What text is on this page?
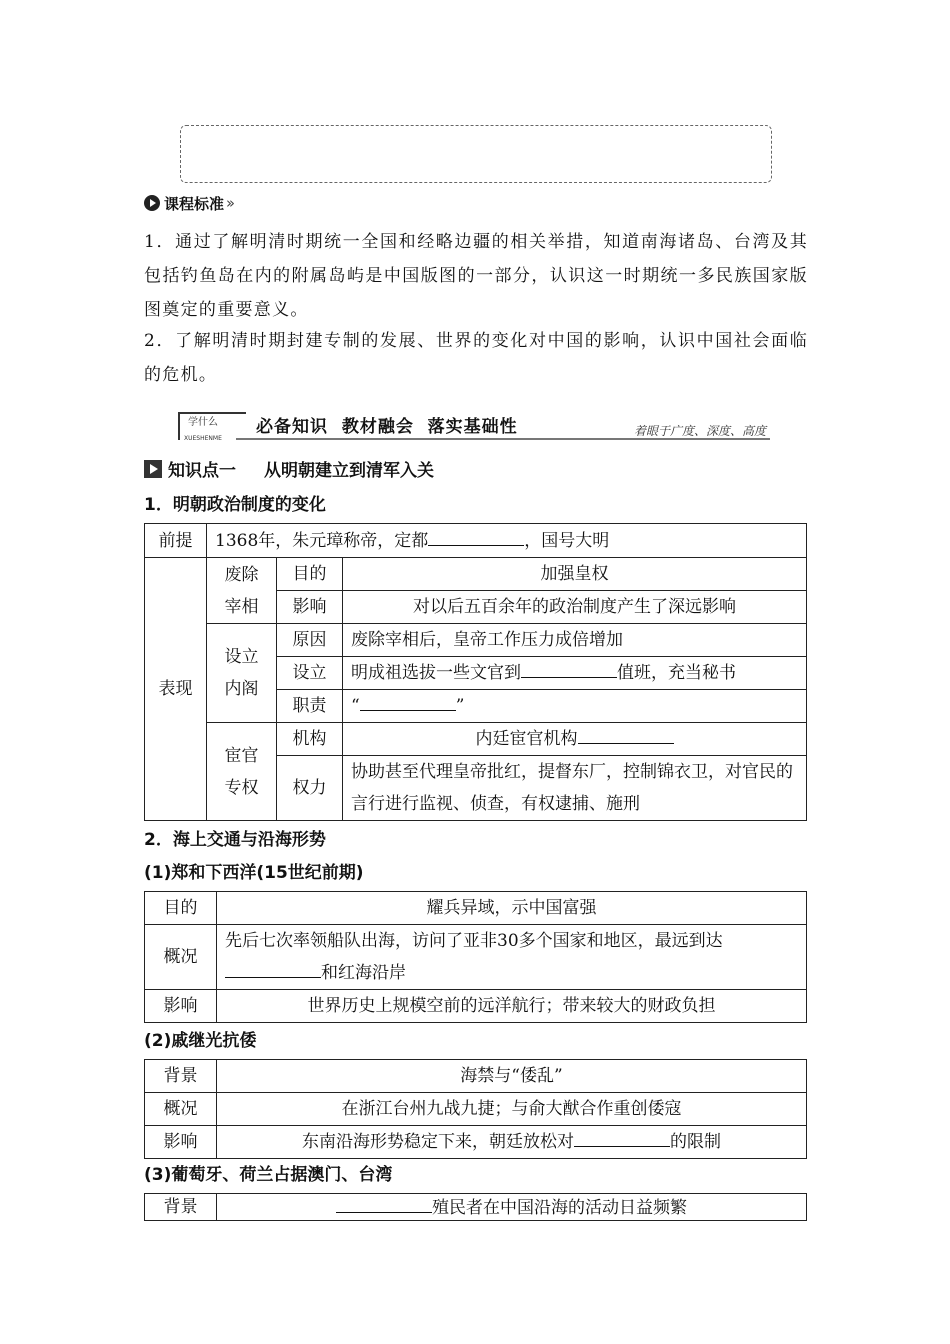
课程标准 ››
1．通过了解明清时期统一全国和经略边疆的相关举措，知道南海诸岛、台湾及其包括钓鱼岛在内的附属岛屿是中国版图的一部分，认识这一时期统一多民族国家版图奠定的重要意义。
2．了解明清时期封建专制的发展、世界的变化对中国的影响，认识中国社会面临的危机。
学什么
XUESHENME
必备知识  教材融会  落实基础性	着眼于广度、深度、高度
知识点一 从明朝建立到清军入关
1．明朝政治制度的变化
前提	1368年，朱元璋称帝，定都 ，国号大明		
表现	废除宰相	目的	加强皇权
		影响	对以后五百余年的政治制度产生了深远影响
	设立内阁	原因	废除宰相后，皇帝工作压力成倍增加
		设立	明成祖选拔一些文官到 值班，充当秘书
		职责	“ ”
	宦官专权	机构	内廷宦官机构
		权力	协助甚至代理皇帝批红，提督东厂，控制锦衣卫，对官民的言行进行监视、侦查，有权逮捕、施刑
2．海上交通与沿海形势
(1)郑和下西洋(15世纪前期)
目的	耀兵异域，示中国富强
概况	先后七次率领船队出海，访问了亚非30多个国家和地区，最远到达和红海沿岸
影响	世界历史上规模空前的远洋航行；带来较大的财政负担
(2)戚继光抗倭
背景	海禁与“倭乱”
概况	在浙江台州九战九捷；与俞大猷合作重创倭寇
影响	东南沿海形势稳定下来，朝廷放松对 的限制
(3)葡萄牙、荷兰占据澳门、台湾
背景	殖民者在中国沿海的活动日益频繁
